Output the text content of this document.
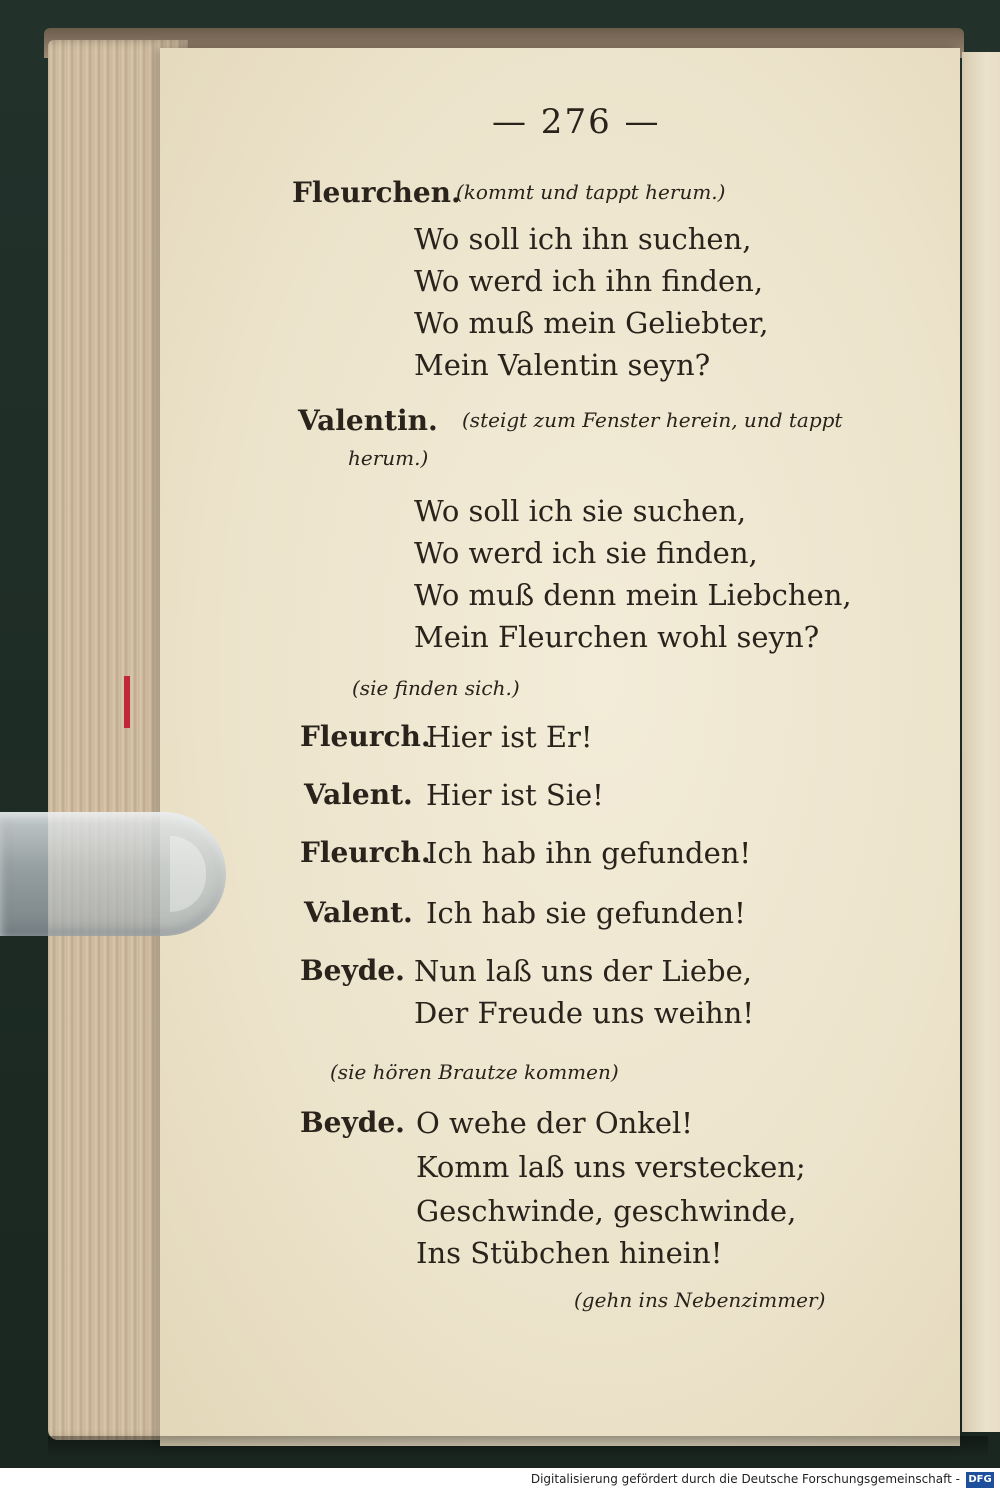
— 276 —
Fleurchen.
(kommt und tappt herum.)
Wo soll ich ihn suchen,
Wo werd ich ihn finden,
Wo muß mein Geliebter,
Mein Valentin seyn?
Valentin. (steigt zum Fenster herein, und tappt
herum.)
Wo soll ich sie suchen,
Wo werd ich sie finden,
Wo muß denn mein Liebchen,
Mein Fleurchen wohl seyn?
(sie finden sich.)
Fleurch.
Hier ist Er!
Valent. Hier ist Sie!
Fleurch.
Ich hab ihn gefunden!
Valent. Ich hab sie gefunden!
Beyde. Nun laß uns der Liebe,
Der Freude uns weihn!
(sie hören Brautze kommen)
Beyde. O wehe der Onkel!
Komm laß uns verstecken;
Geschwinde, geschwinde,
Ins Stübchen hinein!
(gehn ins Nebenzimmer)
Digitalisierung gefördert durch die Deutsche Forschungsgemeinschaft - DFG
